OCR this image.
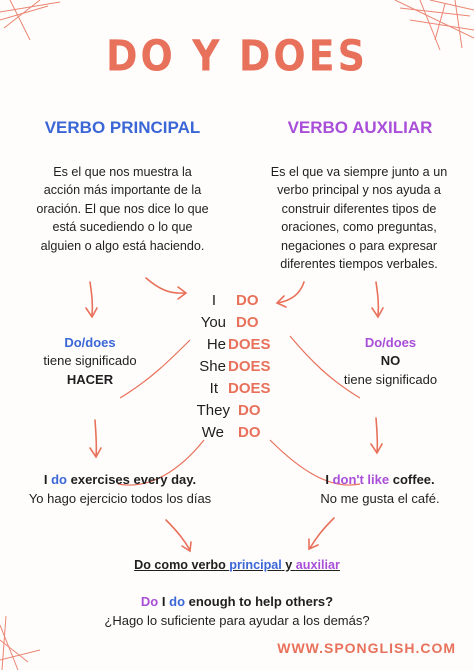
DO Y DOES
VERBO PRINCIPAL	VERBO AUXILIAR
Es el que nos muestra la
acción más importante de la
oración. El que nos dice lo que
está sucediendo o lo que
alguien o algo está haciendo.
Es el que va siempre junto a un
verbo principal y nos ayuda a
construir diferentes tipos de
oraciones, como preguntas,
negaciones o para expresar
diferentes tiempos verbales.
Do/does
tiene significado
HACER
Do/does
NO
tiene significado
I DO
You DO
He DOES
She DOES
It DOES
They DO
We DO
I do exercises every day.
Yo hago ejercicio todos los días
I don't like coffee.
No me gusta el café.
Do como verbo principal y auxiliar
Do I do enough to help others?
¿Hago lo suficiente para ayudar a los demás?
WWW.SPONGLISH.COM
